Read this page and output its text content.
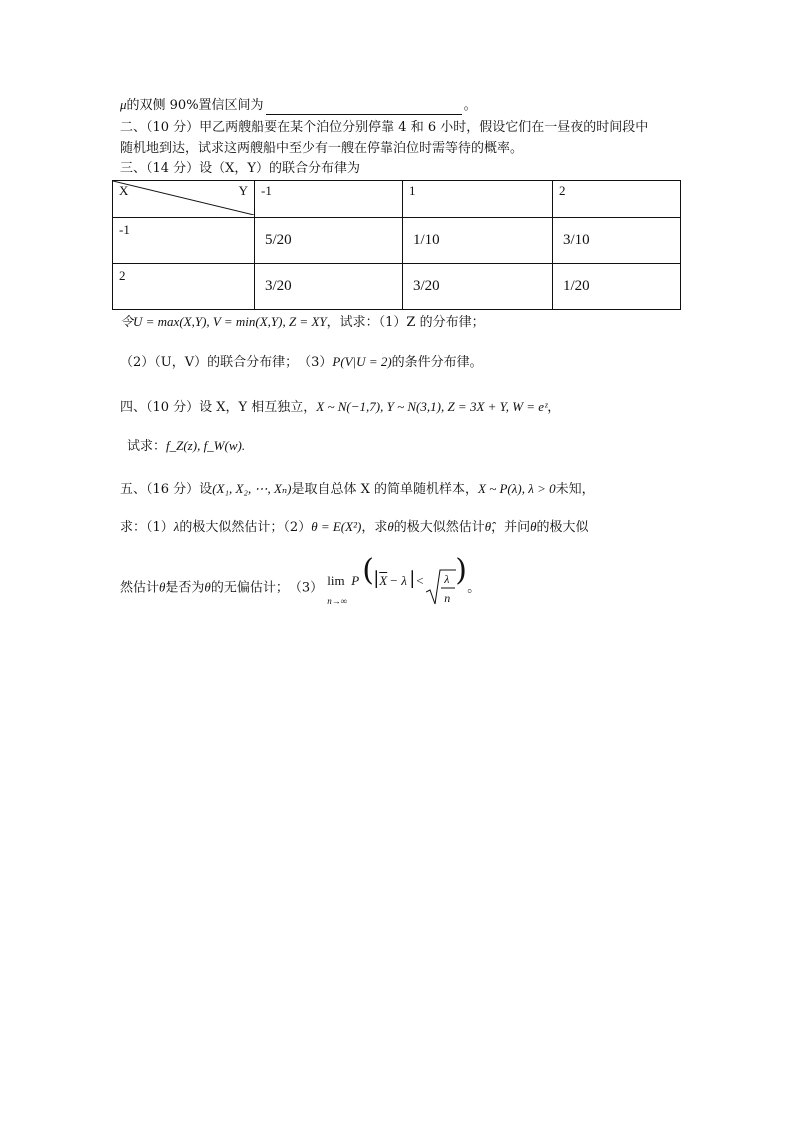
μ的双侧 90%置信区间为	。
二、（10 分）甲乙两艘船要在某个泊位分别停靠 4 和 6 小时，假设它们在一昼夜的时间段中
随机地到达，试求这两艘船中至少有一艘在停靠泊位时需等待的概率。
三、（14 分）设（X，Y）的联合分布律为
X Y	-1	1	2
-1	5/20	1/10	3/10
2	3/20	3/20	1/20
令U = max(X,Y), V = min(X,Y), Z = XY，试求：（1）Z 的分布律；
（2）（U，V）的联合分布律；　（3）P(V|U = 2)的条件分布律。
四、（10 分）设 X，Y 相互独立，X ~ N(−1,7), Y ~ N(3,1), Z = 3X + Y, W = eᶻ，
试求：f_Z(z), f_W(w).
五、（16 分）设(X₁, X₂, ⋯, Xₙ)是取自总体 X 的简单随机样本，X ~ P(λ), λ > 0未知，
求：（1）λ的极大似然估计；（2）θ = E(X²)，求θ的极大似然估计θ̂，并问θ的极大似
然估计θ̂是否为θ的无偏估计；　（3） lim
n→∞
P ( | $\overline{X} - \lambda$ | < λ
n
) 。
